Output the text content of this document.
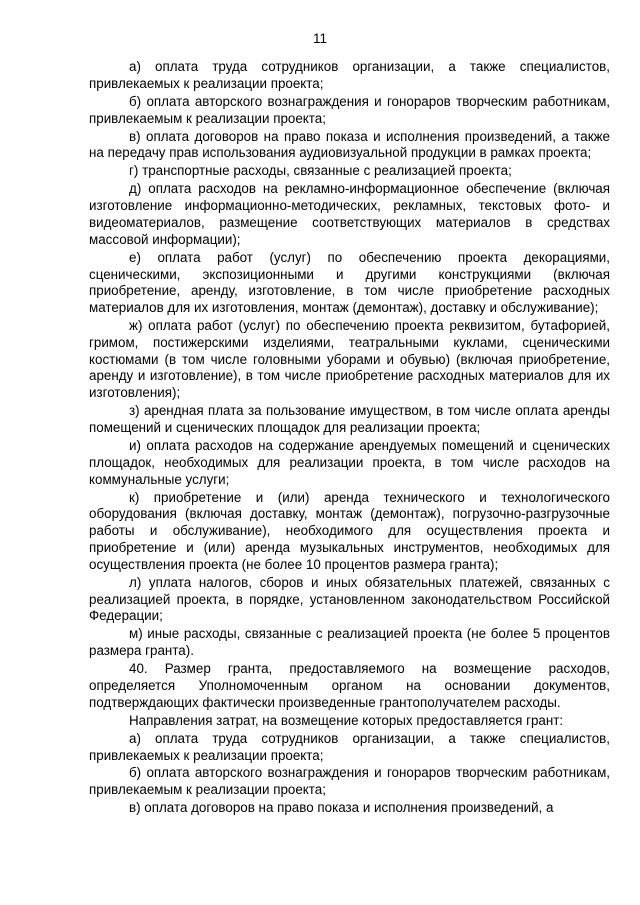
11

а) оплата труда сотрудников организации, а также специалистов, привлекаемых к реализации проекта;

б) оплата авторского вознаграждения и гонораров творческим работникам, привлекаемым к реализации проекта;

в) оплата договоров на право показа и исполнения произведений, а также на передачу прав использования аудиовизуальной продукции в рамках проекта;

г) транспортные расходы, связанные с реализацией проекта;

д) оплата расходов на рекламно-информационное обеспечение (включая изготовление информационно-методических, рекламных, текстовых фото- и видеоматериалов, размещение соответствующих материалов в средствах массовой информации);

е) оплата работ (услуг) по обеспечению проекта декорациями, сценическими, экспозиционными и другими конструкциями (включая приобретение, аренду, изготовление, в том числе приобретение расходных материалов для их изготовления, монтаж (демонтаж), доставку и обслуживание);

ж) оплата работ (услуг) по обеспечению проекта реквизитом, бутафорией, гримом, постижерскими изделиями, театральными куклами, сценическими костюмами (в том числе головными уборами и обувью) (включая приобретение, аренду и изготовление), в том числе приобретение расходных материалов для их изготовления);

з) арендная плата за пользование имуществом, в том числе оплата аренды помещений и сценических площадок для реализации проекта;

и) оплата расходов на содержание арендуемых помещений и сценических площадок, необходимых для реализации проекта, в том числе расходов на коммунальные услуги;

к) приобретение и (или) аренда технического и технологического оборудования (включая доставку, монтаж (демонтаж), погрузочно-разгрузочные работы и обслуживание), необходимого для осуществления проекта и приобретение и (или) аренда музыкальных инструментов, необходимых для осуществления проекта (не более 10 процентов размера гранта);

л) уплата налогов, сборов и иных обязательных платежей, связанных с реализацией проекта, в порядке, установленном законодательством Российской Федерации;

м) иные расходы, связанные с реализацией проекта (не более 5 процентов размера гранта).

40. Размер гранта, предоставляемого на возмещение расходов, определяется Уполномоченным органом на основании документов, подтверждающих фактически произведенные грантополучателем расходы.

Направления затрат, на возмещение которых предоставляется грант:

а) оплата труда сотрудников организации, а также специалистов, привлекаемых к реализации проекта;

б) оплата авторского вознаграждения и гонораров творческим работникам, привлекаемым к реализации проекта;

в) оплата договоров на право показа и исполнения произведений, а
